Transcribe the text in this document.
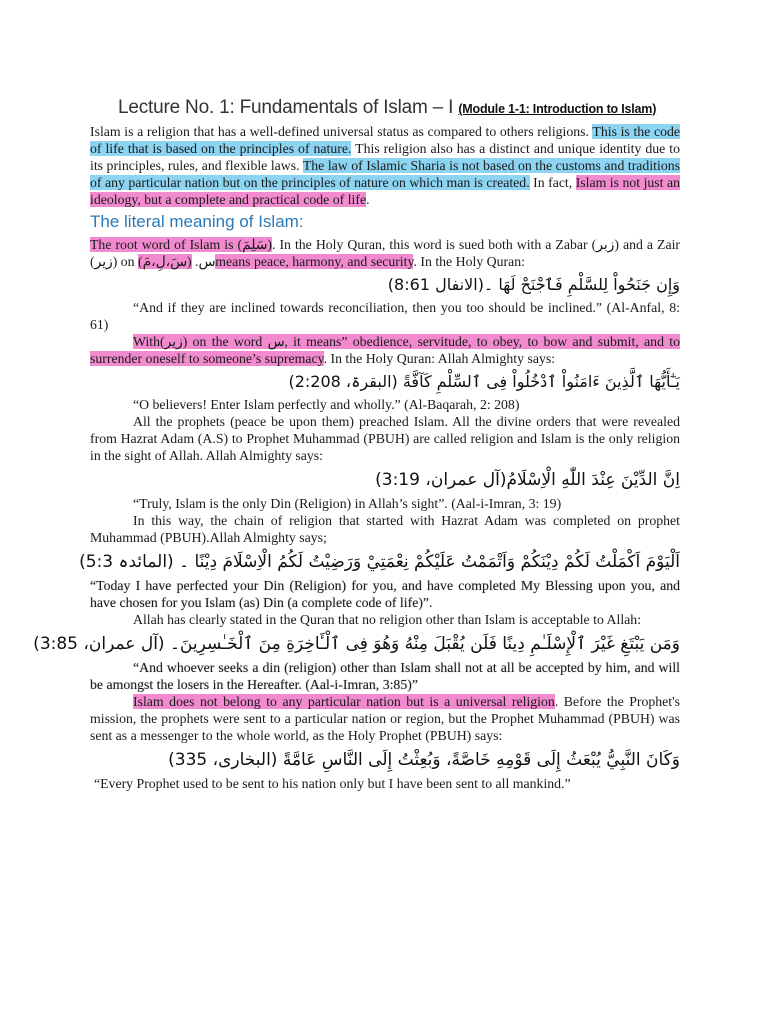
Lecture No. 1: Fundamentals of Islam – I (Module 1-1: Introduction to Islam)

Islam is a religion that has a well-defined universal status as compared to others religions. This is the code of life that is based on the principles of nature. This religion also has a distinct and unique identity due to its principles, rules, and flexible laws. The law of Islamic Sharia is not based on the customs and traditions of any particular nation but on the principles of nature on which man is created. In fact, Islam is not just an ideology, but a complete and practical code of life.

The literal meaning of Islam:

The root word of Islam is (سَلِمَ). In the Holy Quran, this word is sued both with a Zabar (زبر) and a Zair (زیر) on س. (سَ،لِ،مَ)means peace, harmony, and security. In the Holy Quran:

وَإِن جَنَحُواْ لِلسَّلْمِ فَٱجْنَحْ لَهَا ۔(الانفال 8:61)

“And if they are inclined towards reconciliation, then you too should be inclined.” (Al-Anfal, 8: 61)

With(زیر) on the word س, it means” obedience, servitude, to obey, to bow and submit, and to surrender oneself to someone’s supremacy. In the Holy Quran: Allah Almighty says:

يَـٰٓأَيُّهَا ٱلَّذِينَ ءَامَنُواْ ٱدْخُلُواْ فِى ٱلسِّلْمِ كَآفَّةً (البقرۃ، 2:208)

“O believers! Enter Islam perfectly and wholly.” (Al-Baqarah, 2: 208)

All the prophets (peace be upon them) preached Islam. All the divine orders that were revealed from Hazrat Adam (A.S) to Prophet Muhammad (PBUH) are called religion and Islam is the only religion in the sight of Allah. Allah Almighty says:

اِنَّ الدِّيْنَ عِنْدَ اللّٰهِ الْاِسْلَامُ(آل عمران، 3:19)

“Truly, Islam is the only Din (Religion) in Allah’s sight”. (Aal-i-Imran, 3: 19)

In this way, the chain of religion that started with Hazrat Adam was completed on prophet Muhammad (PBUH).Allah Almighty says;

اَلْيَوْمَ اَكْمَلْتُ لَكُمْ دِيْنَكُمْ وَاَتْمَمْتُ عَلَيْكُمْ نِعْمَتِيْ وَرَضِيْتُ لَكُمُ الْاِسْلَامَ دِيْنًا ۔ (المائدہ 5:3)

“Today I have perfected your Din (Religion) for you, and have completed My Blessing upon you, and have chosen for you Islam (as) Din (a complete code of life)”.

Allah has clearly stated in the Quran that no religion other than Islam is acceptable to Allah:

وَمَن يَبْتَغِ غَيْرَ ٱلْإِسْلَـٰمِ دِينًا فَلَن يُقْبَلَ مِنْهُ وَهُوَ فِى ٱلْـَٔاخِرَةِ مِنَ ٱلْخَـٰسِرِينَ۔ (آل عمران، 3:85)

“And whoever seeks a din (religion) other than Islam shall not at all be accepted by him, and will be amongst the losers in the Hereafter. (Aal-i-Imran, 3:85)”

Islam does not belong to any particular nation but is a universal religion. Before the Prophet's mission, the prophets were sent to a particular nation or region, but the Prophet Muhammad (PBUH) was sent as a messenger to the whole world, as the Holy Prophet (PBUH) says:

وَكَانَ النَّبِيُّ يُبْعَثُ إِلَى قَوْمِهِ خَاصَّةً، وَبُعِثْتُ إِلَى النَّاسِ عَامَّةً (البخاری، 335)

“Every Prophet used to be sent to his nation only but I have been sent to all mankind.”
